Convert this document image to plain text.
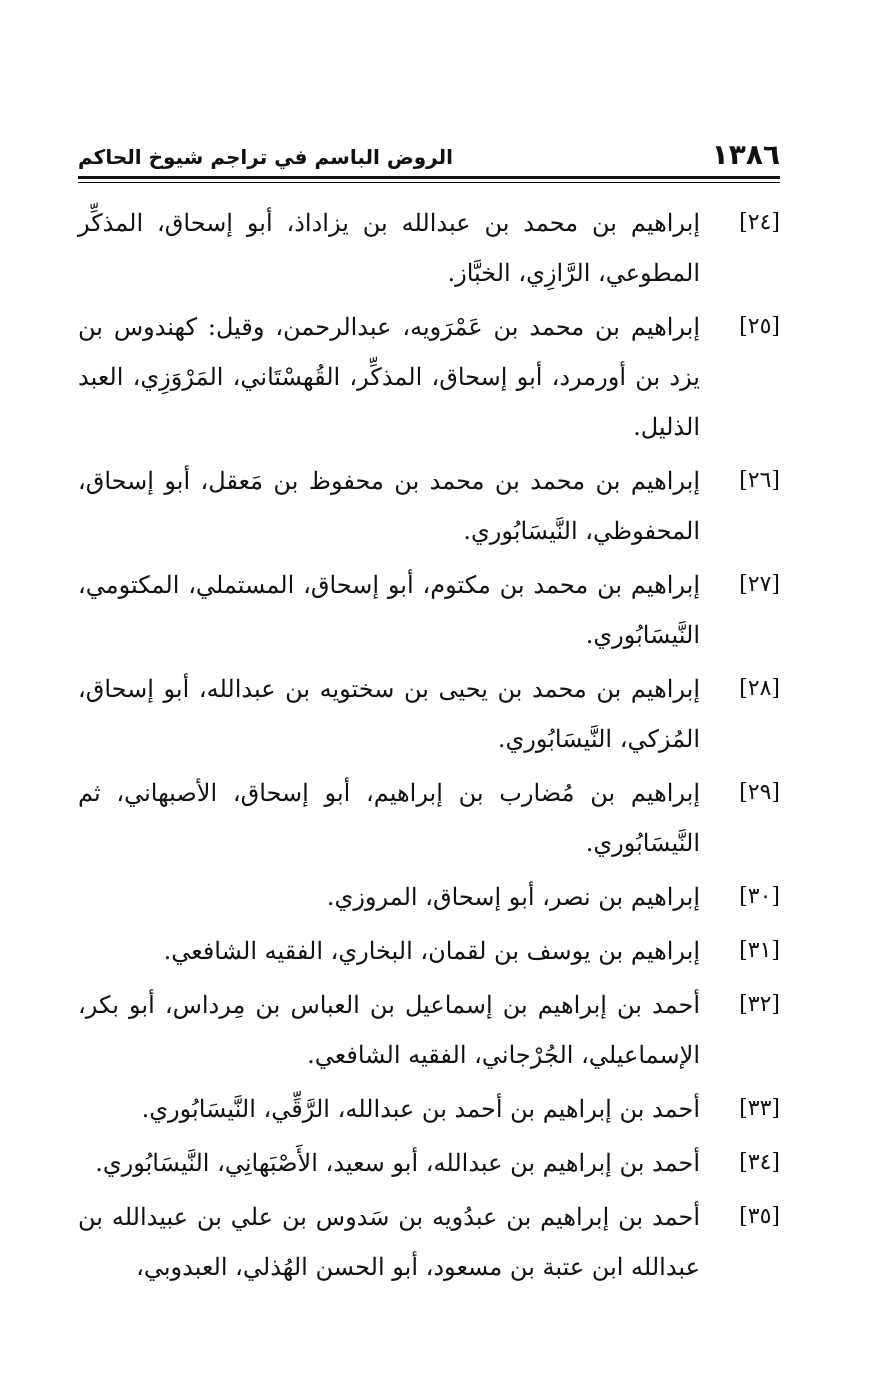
١٣٨٦
الروض الباسم في تراجم شيوخ الحاكم
[٢٤]
إبراهيم بن محمد بن عبدالله بن يزاداذ، أبو إسحاق، المذكِّر المطوعي، الرَّازِي، الخبَّاز.
[٢٥]
إبراهيم بن محمد بن عَمْرَويه، عبدالرحمن، وقيل: كهندوس بن يزد بن أورمرد، أبو إسحاق، المذكِّر، القُهسْتَاني، المَرْوَزِي، العبد الذليل.
[٢٦]
إبراهيم بن محمد بن محمد بن محفوظ بن مَعقل، أبو إسحاق، المحفوظي، النَّيسَابُوري.
[٢٧]
إبراهيم بن محمد بن مكتوم، أبو إسحاق، المستملي، المكتومي، النَّيسَابُوري.
[٢٨]
إبراهيم بن محمد بن يحيى بن سختويه بن عبدالله، أبو إسحاق، المُزكي، النَّيسَابُوري.
[٢٩]
إبراهيم بن مُضارب بن إبراهيم، أبو إسحاق، الأصبهاني، ثم النَّيسَابُوري.
[٣٠]
إبراهيم بن نصر، أبو إسحاق، المروزي.
[٣١]
إبراهيم بن يوسف بن لقمان، البخاري، الفقيه الشافعي.
[٣٢]
أحمد بن إبراهيم بن إسماعيل بن العباس بن مِرداس، أبو بكر، الإسماعيلي، الجُرْجاني، الفقيه الشافعي.
[٣٣]
أحمد بن إبراهيم بن أحمد بن عبدالله، الرَّقِّي، النَّيسَابُوري.
[٣٤]
أحمد بن إبراهيم بن عبدالله، أبو سعيد، الأَصْبَهانِي، النَّيسَابُوري.
[٣٥]
أحمد بن إبراهيم بن عبدُويه بن سَدوس بن علي بن عبيدالله بن عبدالله ابن عتبة بن مسعود، أبو الحسن الهُذلي، العبدوبي،
